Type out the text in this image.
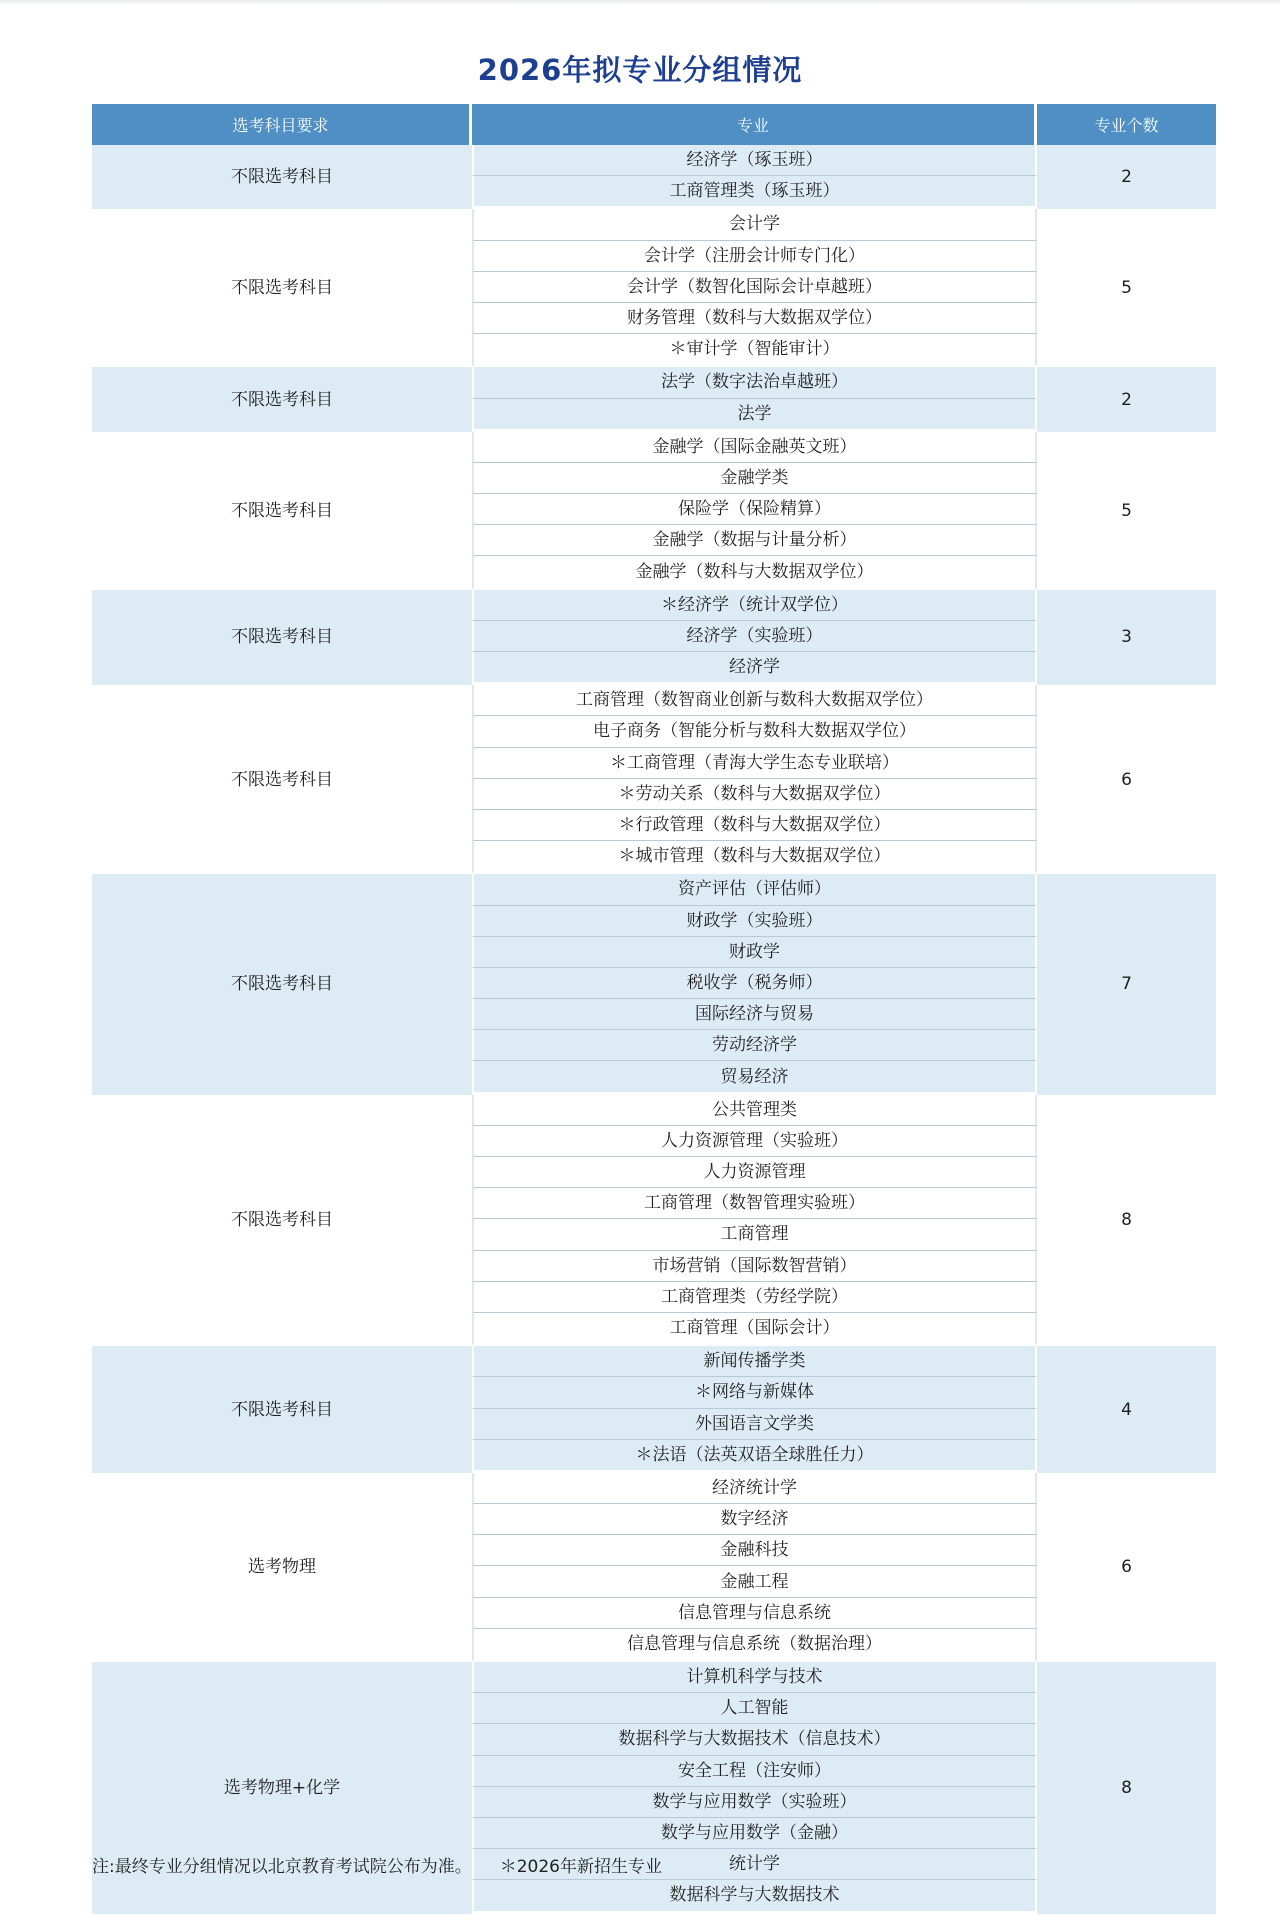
2026年拟专业分组情况
选考科目要求	专业	专业个数
不限选考科目	经济学（琢玉班）	2
	工商管理类（琢玉班）	
不限选考科目	会计学	5
	会计学（注册会计师专门化）	
	会计学（数智化国际会计卓越班）	
	财务管理（数科与大数据双学位）	
	＊审计学（智能审计）	
不限选考科目	法学（数字法治卓越班）	2
	法学	
不限选考科目	金融学（国际金融英文班）	5
	金融学类	
	保险学（保险精算）	
	金融学（数据与计量分析）	
	金融学（数科与大数据双学位）	
不限选考科目	＊经济学（统计双学位）	3
	经济学（实验班）	
	经济学	
不限选考科目	工商管理（数智商业创新与数科大数据双学位）	6
	电子商务（智能分析与数科大数据双学位）	
	＊工商管理（青海大学生态专业联培）	
	＊劳动关系（数科与大数据双学位）	
	＊行政管理（数科与大数据双学位）	
	＊城市管理（数科与大数据双学位）	
不限选考科目	资产评估（评估师）	7
	财政学（实验班）	
	财政学	
	税收学（税务师）	
	国际经济与贸易	
	劳动经济学	
	贸易经济	
不限选考科目	公共管理类	8
	人力资源管理（实验班）	
	人力资源管理	
	工商管理（数智管理实验班）	
	工商管理	
	市场营销（国际数智营销）	
	工商管理类（劳经学院）	
	工商管理（国际会计）	
不限选考科目	新闻传播学类	4
	＊网络与新媒体	
	外国语言文学类	
	＊法语（法英双语全球胜任力）	
选考物理	经济统计学	6
	数字经济	
	金融科技	
	金融工程	
	信息管理与信息系统	
	信息管理与信息系统（数据治理）	
选考物理+化学	计算机科学与技术	8
	人工智能	
	数据科学与大数据技术（信息技术）	
	安全工程（注安师）	
	数学与应用数学（实验班）	
	数学与应用数学（金融）	
	统计学	
	数据科学与大数据技术	
注:最终专业分组情况以北京教育考试院公布为准。 ＊2026年新招生专业
